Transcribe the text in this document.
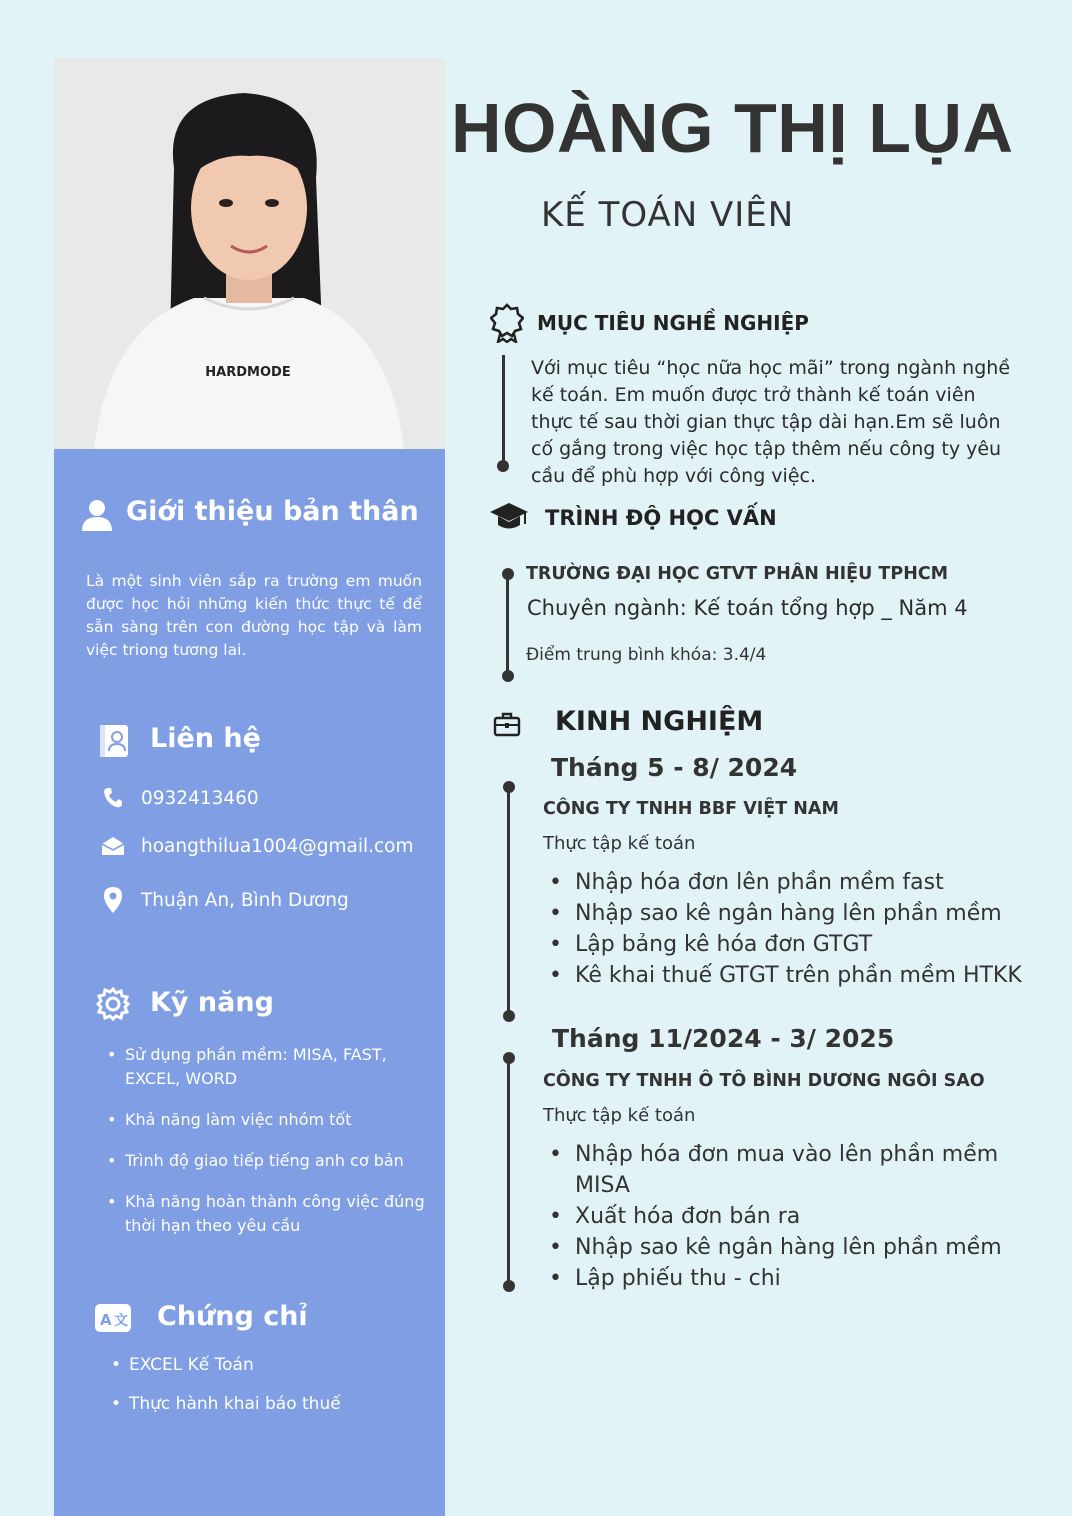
HARDMODE
Giới thiệu bản thân
Là một sinh viên sắp ra trường em muốn được học hỏi những kiến thức thực tế để sẵn sàng trên con đường học tập và làm việc triong tương lai.
Liên hệ
0932413460
hoangthilua1004@gmail.com
Thuận An, Bình Dương
Kỹ năng
• Sử dụng phần mềm: MISA, FAST, EXCEL, WORD
• Khả năng làm việc nhóm tốt
• Trình độ giao tiếp tiếng anh cơ bản
• Khả năng hoàn thành công việc đúng thời hạn theo yêu cầu
A 文 Chứng chỉ
• EXCEL Kế Toán
• Thực hành khai báo thuế
HOÀNG THỊ LỤA
KẾ TOÁN VIÊN
MỤC TIÊU NGHỀ NGHIỆP
Với mục tiêu “học nữa học mãi” trong ngành nghề kế toán. Em muốn được trở thành kế toán viên thực tế sau thời gian thực tập dài hạn.Em sẽ luôn cố gắng trong việc học tập thêm nếu công ty yêu cầu để phù hợp với công việc.
TRÌNH ĐỘ HỌC VẤN
TRƯỜNG ĐẠI HỌC GTVT PHÂN HIỆU TPHCM
Chuyên ngành: Kế toán tổng hợp _ Năm 4
Điểm trung bình khóa: 3.4/4
KINH NGHIỆM
Tháng 5 - 8/ 2024
CÔNG TY TNHH BBF VIỆT NAM
Thực tập kế toán
• Nhập hóa đơn lên phần mềm fast
• Nhập sao kê ngân hàng lên phần mềm
• Lập bảng kê hóa đơn GTGT
• Kê khai thuế GTGT trên phần mềm HTKK
Tháng 11/2024 - 3/ 2025
CÔNG TY TNHH Ô TÔ BÌNH DƯƠNG NGÔI SAO
Thực tập kế toán
• Nhập hóa đơn mua vào lên phần mềm MISA
• Xuất hóa đơn bán ra
• Nhập sao kê ngân hàng lên phần mềm
• Lập phiếu thu - chi
